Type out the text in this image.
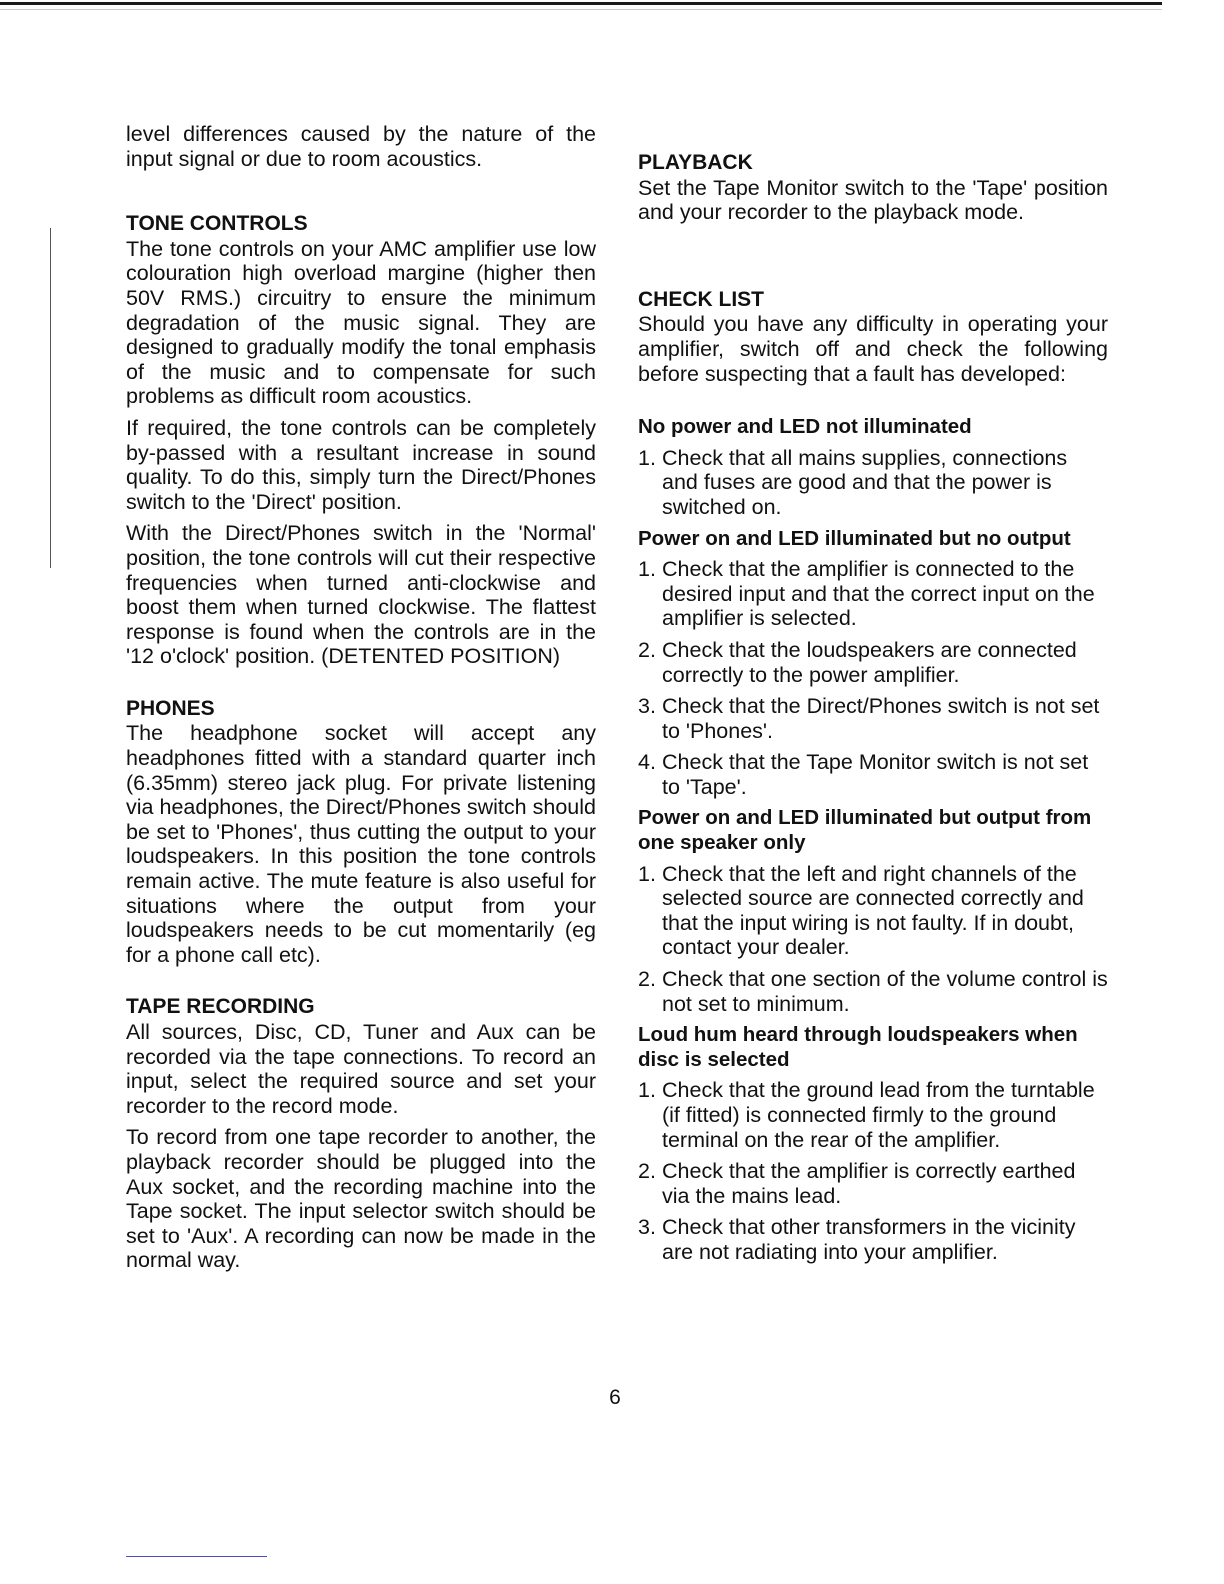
level differences caused by the nature of the input signal or due to room acoustics.

TONE CONTROLS

The tone controls on your AMC amplifier use low colouration high overload margine (higher then 50V RMS.) circuitry to ensure the minimum degradation of the music signal. They are designed to gradually modify the tonal emphasis of the music and to compensate for such problems as difficult room acoustics.

If required, the tone controls can be completely by-passed with a resultant increase in sound quality. To do this, simply turn the Direct/Phones switch to the 'Direct' position.

With the Direct/Phones switch in the 'Normal' position, the tone controls will cut their respective frequencies when turned anti-clockwise and boost them when turned clockwise. The flattest response is found when the controls are in the '12 o'clock' position. (DETENTED POSITION)

PHONES

The headphone socket will accept any headphones fitted with a standard quarter inch (6.35mm) stereo jack plug. For private listening via headphones, the Direct/Phones switch should be set to 'Phones', thus cutting the output to your loudspeakers. In this position the tone controls remain active. The mute feature is also useful for situations where the output from your loudspeakers needs to be cut momentarily (eg for a phone call etc).

TAPE RECORDING

All sources, Disc, CD, Tuner and Aux can be recorded via the tape connections. To record an input, select the required source and set your recorder to the record mode.

To record from one tape recorder to another, the playback recorder should be plugged into the Aux socket, and the recording machine into the Tape socket. The input selector switch should be set to 'Aux'. A recording can now be made in the normal way.

PLAYBACK

Set the Tape Monitor switch to the 'Tape' position and your recorder to the playback mode.

CHECK LIST

Should you have any difficulty in operating your amplifier, switch off and check the following before suspecting that a fault has developed:

No power and LED not illuminated
1. Check that all mains supplies, connections and fuses are good and that the power is switched on.
Power on and LED illuminated but no output
1. Check that the amplifier is connected to the desired input and that the correct input on the amplifier is selected.
2. Check that the loudspeakers are connected correctly to the power amplifier.
3. Check that the Direct/Phones switch is not set to 'Phones'.
4. Check that the Tape Monitor switch is not set to 'Tape'.
Power on and LED illuminated but output from one speaker only
1. Check that the left and right channels of the selected source are connected correctly and that the input wiring is not faulty. If in doubt, contact your dealer.
2. Check that one section of the volume control is not set to minimum.
Loud hum heard through loudspeakers when disc is selected
1. Check that the ground lead from the turntable (if fitted) is connected firmly to the ground terminal on the rear of the amplifier.
2. Check that the amplifier is correctly earthed via the mains lead.
3. Check that other transformers in the vicinity are not radiating into your amplifier.
6
